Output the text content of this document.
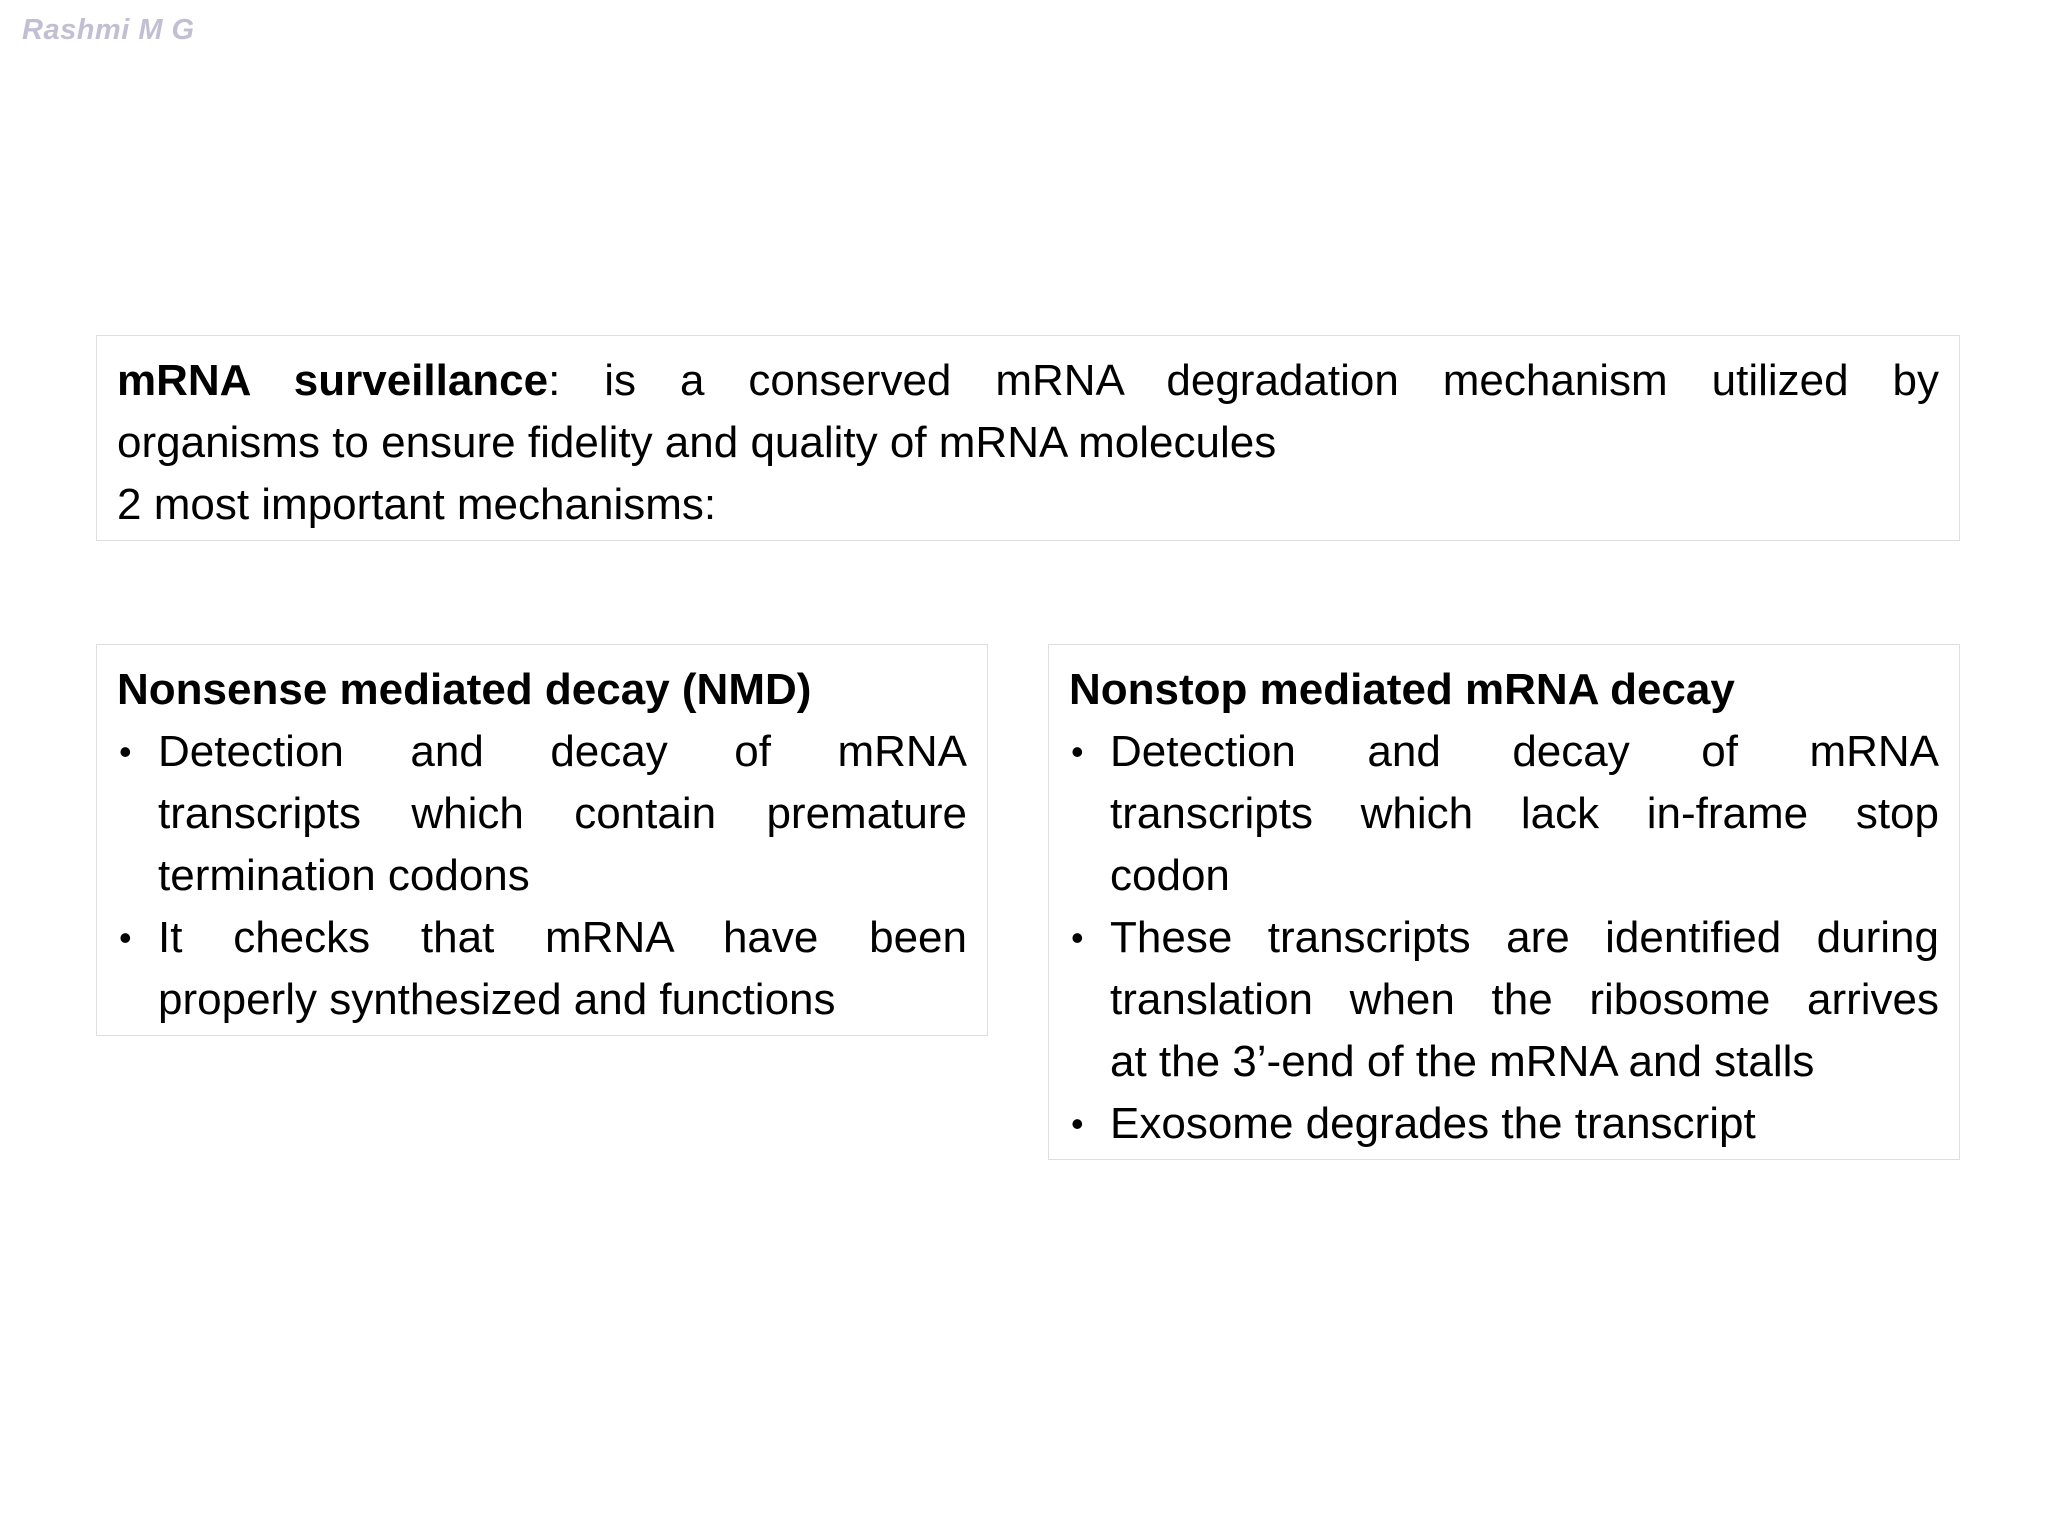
Rashmi M G
mRNA surveillance: is a conserved mRNA degradation mechanism utilized by
organisms to ensure fidelity and quality of mRNA molecules
2 most important mechanisms:
Nonsense mediated decay (NMD)
• Detection and decay of mRNA
transcripts which contain premature
termination codons
• It checks that mRNA have been
properly synthesized and functions
Nonstop mediated mRNA decay
• Detection and decay of mRNA
transcripts which lack in-frame stop
codon
• These transcripts are identified during
translation when the ribosome arrives
at the 3’-end of the mRNA and stalls
• Exosome degrades the transcript
